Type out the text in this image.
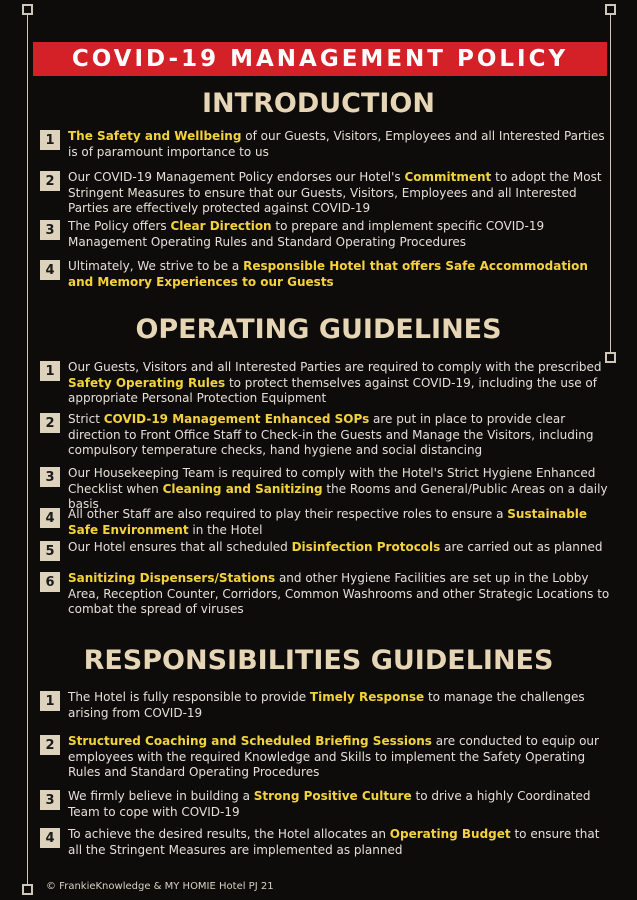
COVID-19 MANAGEMENT POLICY
INTRODUCTION
OPERATING GUIDELINES
RESPONSIBILITIES GUIDELINES
1	The Safety and Wellbeing of our Guests, Visitors, Employees and all Interested Parties is of paramount importance to us
2	Our COVID-19 Management Policy endorses our Hotel's Commitment to adopt the Most Stringent Measures to ensure that our Guests, Visitors, Employees and all Interested Parties are effectively protected against COVID-19
3	The Policy offers Clear Direction to prepare and implement specific COVID-19 Management Operating Rules and Standard Operating Procedures
4	Ultimately, We strive to be a Responsible Hotel that offers Safe Accommodation and Memory Experiences to our Guests
1	Our Guests, Visitors and all Interested Parties are required to comply with the prescribed Safety Operating Rules to protect themselves against COVID-19, including the use of appropriate Personal Protection Equipment
2	Strict COVID-19 Management Enhanced SOPs are put in place to provide clear direction to Front Office Staff to Check-in the Guests and Manage the Visitors, including compulsory temperature checks, hand hygiene and social distancing
3	Our Housekeeping Team is required to comply with the Hotel's Strict Hygiene Enhanced Checklist when Cleaning and Sanitizing the Rooms and General/Public Areas on a daily basis
4	All other Staff are also required to play their respective roles to ensure a Sustainable Safe Environment in the Hotel
5	Our Hotel ensures that all scheduled Disinfection Protocols are carried out as planned
6	Sanitizing Dispensers/Stations and other Hygiene Facilities are set up in the Lobby Area, Reception Counter, Corridors, Common Washrooms and other Strategic Locations to combat the spread of viruses
1	The Hotel is fully responsible to provide Timely Response to manage the challenges arising from COVID-19
2	Structured Coaching and Scheduled Briefing Sessions are conducted to equip our employees with the required Knowledge and Skills to implement the Safety Operating Rules and Standard Operating Procedures
3	We firmly believe in building a Strong Positive Culture to drive a highly Coordinated Team to cope with COVID-19
4	To achieve the desired results, the Hotel allocates an Operating Budget to ensure that all the Stringent Measures are implemented as planned
© FrankieKnowledge & MY HOMIE Hotel PJ 21
